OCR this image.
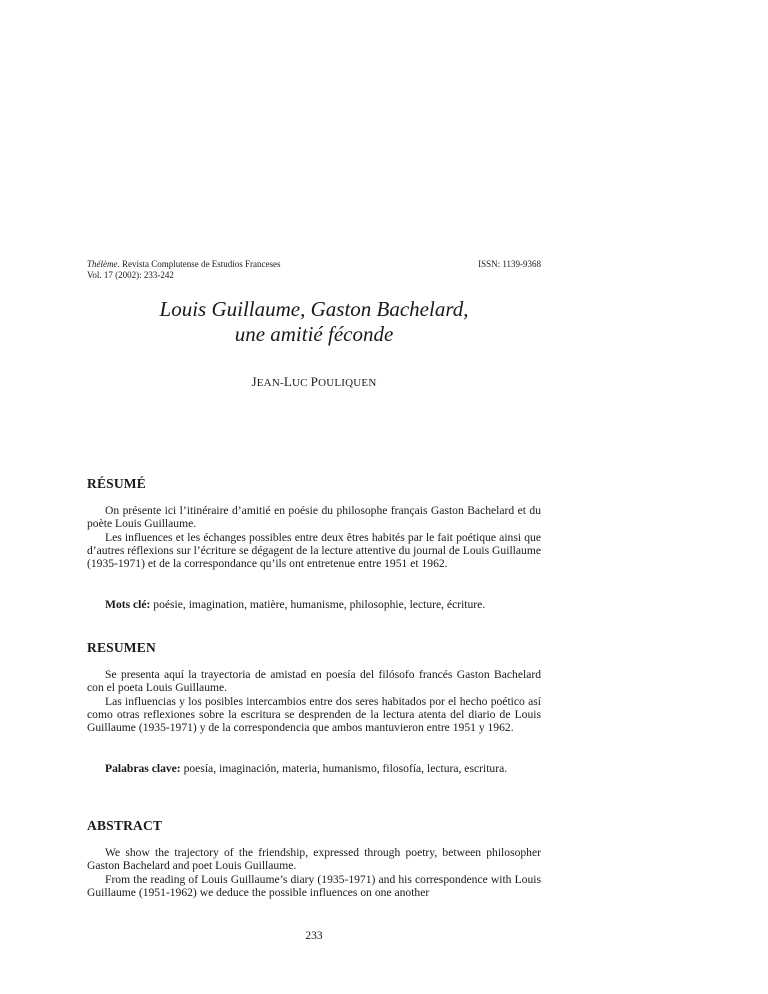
Thélème. Revista Complutense de Estudios Franceses
Vol. 17 (2002): 233-242
ISSN: 1139-9368
Louis Guillaume, Gaston Bachelard,
une amitié féconde
JEAN-LUC POULIQUEN
RÉSUMÉ

On présente ici l’itinéraire d’amitié en poésie du philosophe français Gaston Bachelard et du poète Louis Guillaume.

Les influences et les échanges possibles entre deux êtres habités par le fait poétique ainsi que d’autres réflexions sur l’écriture se dégagent de la lecture attentive du journal de Louis Guillaume (1935-1971) et de la correspondance qu’ils ont entretenue entre 1951 et 1962.

Mots clé: poésie, imagination, matière, humanisme, philosophie, lecture, écriture.

RESUMEN

Se presenta aquí la trayectoria de amistad en poesía del filósofo francés Gaston Bachelard con el poeta Louis Guillaume.

Las influencias y los posibles intercambios entre dos seres habitados por el hecho poético así como otras reflexiones sobre la escritura se desprenden de la lectura atenta del diario de Louis Guillaume (1935-1971) y de la correspondencia que ambos mantuvieron entre 1951 y 1962.

Palabras clave: poesía, imaginación, materia, humanismo, filosofía, lectura, escritura.

ABSTRACT

We show the trajectory of the friendship, expressed through poetry, between philosopher Gaston Bachelard and poet Louis Guillaume.

From the reading of Louis Guillaume’s diary (1935-1971) and his correspondence with Louis Guillaume (1951-1962) we deduce the possible influences on one another

233
